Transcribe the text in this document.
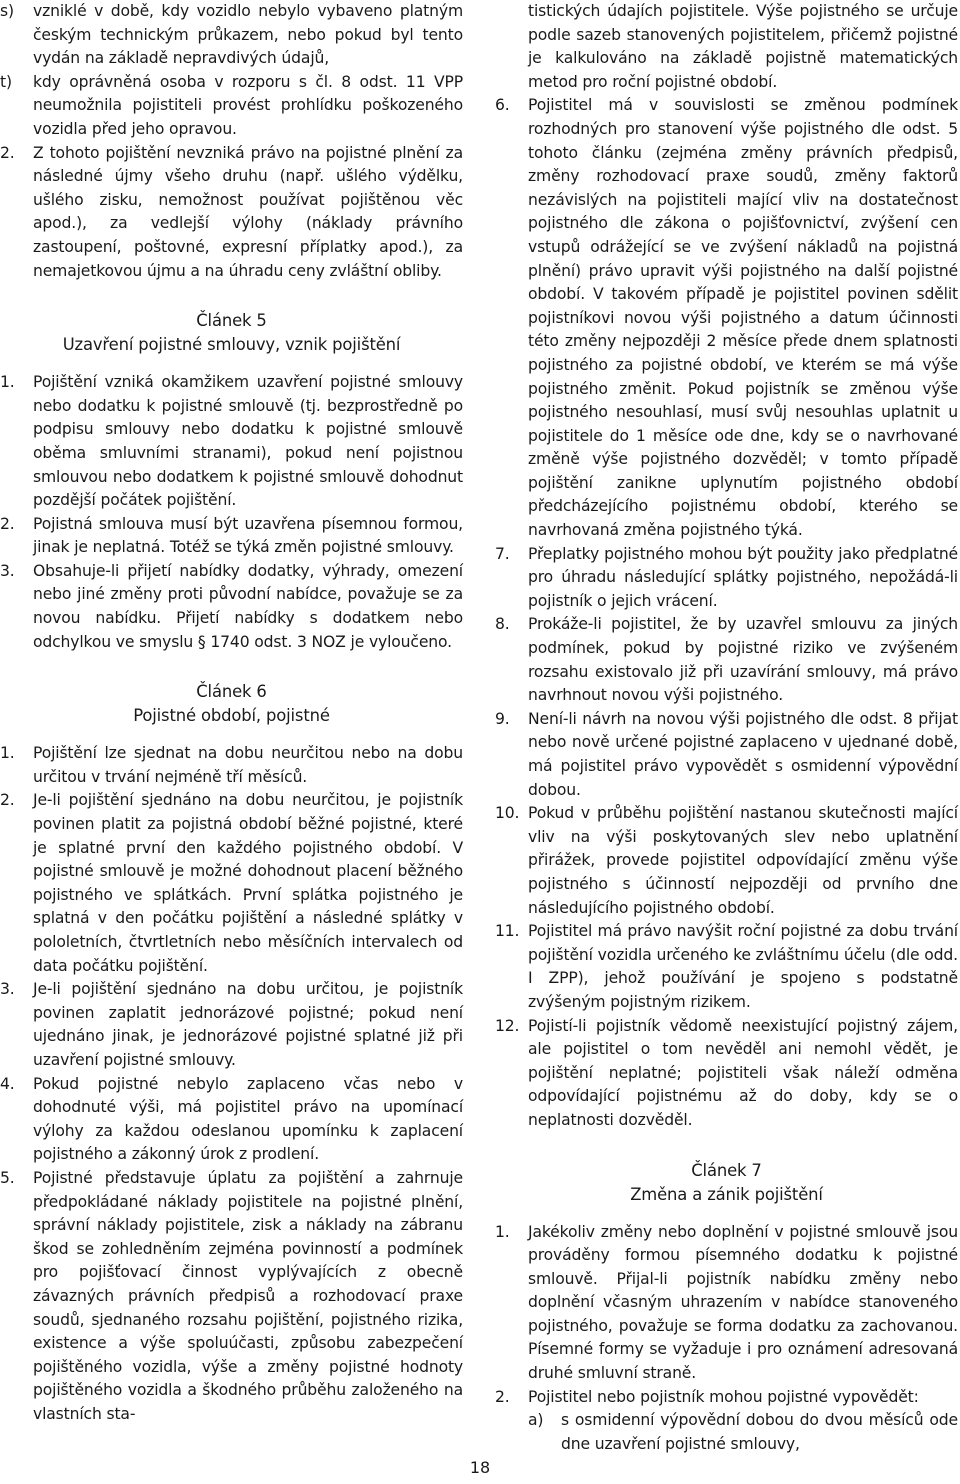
s) vzniklé v době, kdy vozidlo nebylo vybaveno platným českým technickým průkazem, nebo pokud byl tento vydán na základě nepravdivých údajů,

t) kdy oprávněná osoba v rozporu s čl. 8 odst. 11 VPP neumožnila pojistiteli provést prohlídku poškozeného vozidla před jeho opravou.

2. Z tohoto pojištění nevzniká právo na pojistné plnění za následné újmy všeho druhu (např. ušlého výdělku, ušlého zisku, nemožnost používat pojištěnou věc apod.), za vedlejší výlohy (náklady právního zastoupení, poštovné, expresní příplatky apod.), za nemajetkovou újmu a na úhradu ceny zvláštní obliby.

Článek 5

Uzavření pojistné smlouvy, vznik pojištění

1. Pojištění vzniká okamžikem uzavření pojistné smlouvy nebo dodatku k pojistné smlouvě (tj. bezprostředně po podpisu smlouvy nebo dodatku k pojistné smlouvě oběma smluvními stranami), pokud není pojistnou smlouvou nebo dodatkem k pojistné smlouvě dohodnut pozdější počátek pojištění.

2. Pojistná smlouva musí být uzavřena písemnou formou, jinak je neplatná. Totéž se týká změn pojistné smlouvy.

3. Obsahuje-li přijetí nabídky dodatky, výhrady, omezení nebo jiné změny proti původní nabídce, považuje se za novou nabídku. Přijetí nabídky s dodatkem nebo odchylkou ve smyslu § 1740 odst. 3 NOZ je vyloučeno.

Článek 6

Pojistné období, pojistné

1. Pojištění lze sjednat na dobu neurčitou nebo na dobu určitou v trvání nejméně tří měsíců.

2. Je-li pojištění sjednáno na dobu neurčitou, je pojistník povinen platit za pojistná období běžné pojistné, které je splatné první den každého pojistného období. V pojistné smlouvě je možné dohodnout placení běžného pojistného ve splátkách. První splátka pojistného je splatná v den počátku pojištění a následné splátky v pololetních, čtvrtletních nebo měsíčních intervalech od data počátku pojištění.

3. Je-li pojištění sjednáno na dobu určitou, je pojistník povinen zaplatit jednorázové pojistné; pokud není ujednáno jinak, je jednorázové pojistné splatné již při uzavření pojistné smlouvy.

4. Pokud pojistné nebylo zaplaceno včas nebo v dohodnuté výši, má pojistitel právo na upomínací výlohy za každou odeslanou upomínku k zaplacení pojistného a zákonný úrok z prodlení.

5. Pojistné představuje úplatu za pojištění a zahrnuje předpokládané náklady pojistitele na pojistné plnění, správní náklady pojistitele, zisk a náklady na zábranu škod se zohledněním zejména povinností a podmínek pro pojišťovací činnost vyplývajících z obecně závazných právních předpisů a rozhodovací praxe soudů, sjednaného rozsahu pojištění, pojistného rizika, existence a výše spoluúčasti, způsobu zabezpečení pojištěného vozidla, výše a změny pojistné hodnoty pojištěného vozidla a škodného průběhu založeného na vlastních sta-

tistických údajích pojistitele. Výše pojistného se určuje podle sazeb stanovených pojistitelem, přičemž pojistné je kalkulováno na základě pojistně matematických metod pro roční pojistné období.

6. Pojistitel má v souvislosti se změnou podmínek rozhodných pro stanovení výše pojistného dle odst. 5 tohoto článku (zejména změny právních předpisů, změny rozhodovací praxe soudů, změny faktorů nezávislých na pojistiteli mající vliv na dostatečnost pojistného dle zákona o pojišťovnictví, zvýšení cen vstupů odrážející se ve zvýšení nákladů na pojistná plnění) právo upravit výši pojistného na další pojistné období. V takovém případě je pojistitel povinen sdělit pojistníkovi novou výši pojistného a datum účinnosti této změny nejpozději 2 měsíce přede dnem splatnosti pojistného za pojistné období, ve kterém se má výše pojistného změnit. Pokud pojistník se změnou výše pojistného nesouhlasí, musí svůj nesouhlas uplatnit u pojistitele do 1 měsíce ode dne, kdy se o navrhované změně výše pojistného dozvěděl; v tomto případě pojištění zanikne uplynutím pojistného období předcházejícího pojistnému období, kterého se navrhovaná změna pojistného týká.

7. Přeplatky pojistného mohou být použity jako předplatné pro úhradu následující splátky pojistného, nepožádá-li pojistník o jejich vrácení.

8. Prokáže-li pojistitel, že by uzavřel smlouvu za jiných podmínek, pokud by pojistné riziko ve zvýšeném rozsahu existovalo již při uzavírání smlouvy, má právo navrhnout novou výši pojistného.

9. Není-li návrh na novou výši pojistného dle odst. 8 přijat nebo nově určené pojistné zaplaceno v ujednané době, má pojistitel právo vypovědět s osmidenní výpovědní dobou.

10. Pokud v průběhu pojištění nastanou skutečnosti mající vliv na výši poskytovaných slev nebo uplatnění přirážek, provede pojistitel odpovídající změnu výše pojistného s účinností nejpozději od prvního dne následujícího pojistného období.

11. Pojistitel má právo navýšit roční pojistné za dobu trvání pojištění vozidla určeného ke zvláštnímu účelu (dle odd. I ZPP), jehož používání je spojeno s podstatně zvýšeným pojistným rizikem.

12. Pojistí-li pojistník vědomě neexistující pojistný zájem, ale pojistitel o tom nevěděl ani nemohl vědět, je pojištění neplatné; pojistiteli však náleží odměna odpovídající pojistnému až do doby, kdy se o neplatnosti dozvěděl.

Článek 7

Změna a zánik pojištění

1. Jakékoliv změny nebo doplnění v pojistné smlouvě jsou prováděny formou písemného dodatku k pojistné smlouvě. Přijal-li pojistník nabídku změny nebo doplnění včasným uhrazením v nabídce stanoveného pojistného, považuje se forma dodatku za zachovanou. Písemné formy se vyžaduje i pro oznámení adresovaná druhé smluvní straně.

2. Pojistitel nebo pojistník mohou pojistné vypovědět:

a) s osmidenní výpovědní dobou do dvou měsíců ode dne uzavření pojistné smlouvy,

18
